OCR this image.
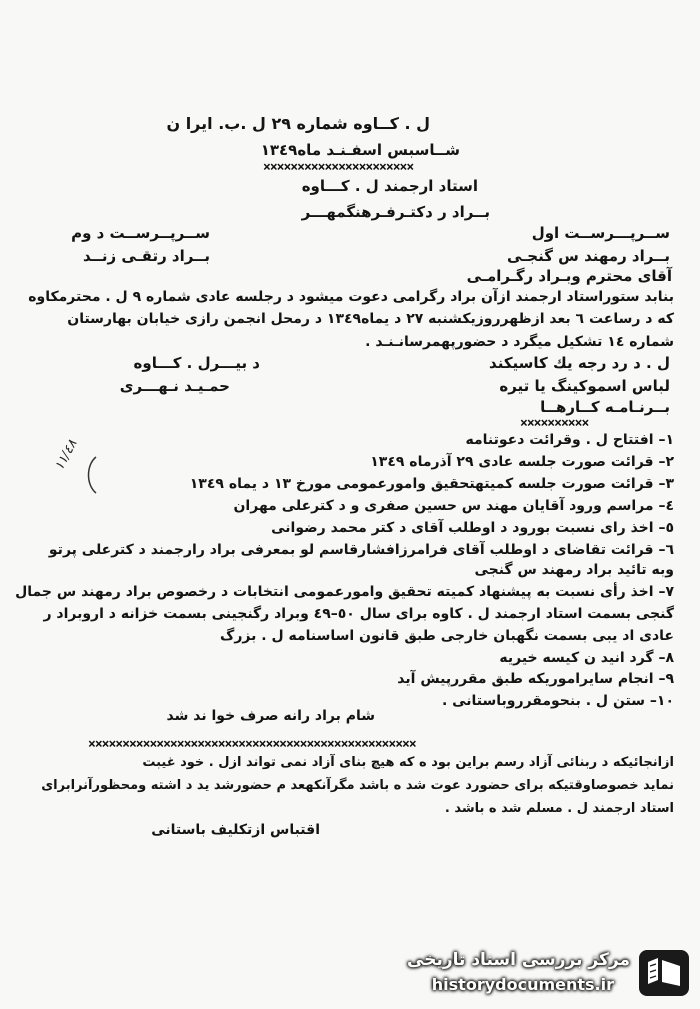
ل . كــاوه شماره ۲۹ ل .ب. ايرا ن
شــاسبس اسفـنـد ماه۱۳٤۹
××××××××××××××××××××××
استاد ارجمند ل . كـــاوه
بــراد ر دكتـرفـرهنگمهـــر
ســرپـــرســت اول
ســرپــرســت د وم
بــراد رمهند س گنجـی
بــراد رتقـی زنــد
آقای محترم وبـراد رگـرامـی
بنابد ستوراستاد ارجمند ازآن براد رگرامی دعوت میشود د رجلسه عادی شماره ۹ ل . محترمکاوه
كه د رساعت ٦ بعد ازظهرروزیكشنبه ۲۷ د یماه۱۳٤۹ د رمحل انجمن رازی خیابان بهارستان
شماره ۱٤ تشکیل میگرد د حضورپهمرسانـنـد .
ل . د رد رجه یك كاسیکند
د بیـــرل . کـــاوه
لباس اسموکینگ یا تیره
حمـیـد نـهـــری
بــرنـامـه كــارهــا
××××××××××
۱– افتتاح ل . وقرائت دعوتنامه
۲– قرائت صورت جلسه عادی ۲۹ آذرماه ۱۳٤۹
۳– قرائت صورت جلسه كمیتهتحقیق وامورعمومی مورخ ۱۳ د یماه ۱۳٤۹
٤– مراسم ورود آقایان مهند س حسین صفری و د كترعلی مهران
٥– اخذ رای نسبت بورود د اوطلب آقای د كتر محمد رضوانی
٦– قرائت تقاضای د اوطلب آقای فرامرزافشارقاسم لو بمعرفی براد رارجمند د کترعلی پرتو
وبه تائید براد رمهند س گنجی
۷– اخذ رأی نسبت به پیشنهاد كمیته تحقیق وامورعمومی انتخابات د رخصوص براد رمهند س جمال
گنجی بسمت استاد ارجمند ل . كاوه برای سال ٥٠–٤۹ وبراد رگنجینی بسمت خزانه د اروبراد ر
عادی اد یبی بسمت نگهبان خارجی طبق قانون اساسنامه ل . بزرگ
۸– گرد انید ن كیسه خیریه
۹– انجام سایراموریكه طبق مقررپیش آید
۱۰– ستن ل . بنحومقرروباستانی .
شام براد رانه صرف خوا ند شد
××××××××××××××××××××××××××××××××××××××××××××××××
ازانجائیكه د ربنائی آزاد رسم براین بود ه كه هیچ بنای آزاد نمی تواند ازل . خود غیبت
نماید خصوصاوقتیكه برای حضورد عوت شد ه باشد مگرآنكهعد م حضورشد ید د اشته ومحظورآنرابرای
استاد ارجمند ل . مسلم شد ه باشد .
اقتباس ازتكلیف باستانی
۱۱/٤٨
مرکز بررسی اسناد تاریخی
historydocuments.ir
